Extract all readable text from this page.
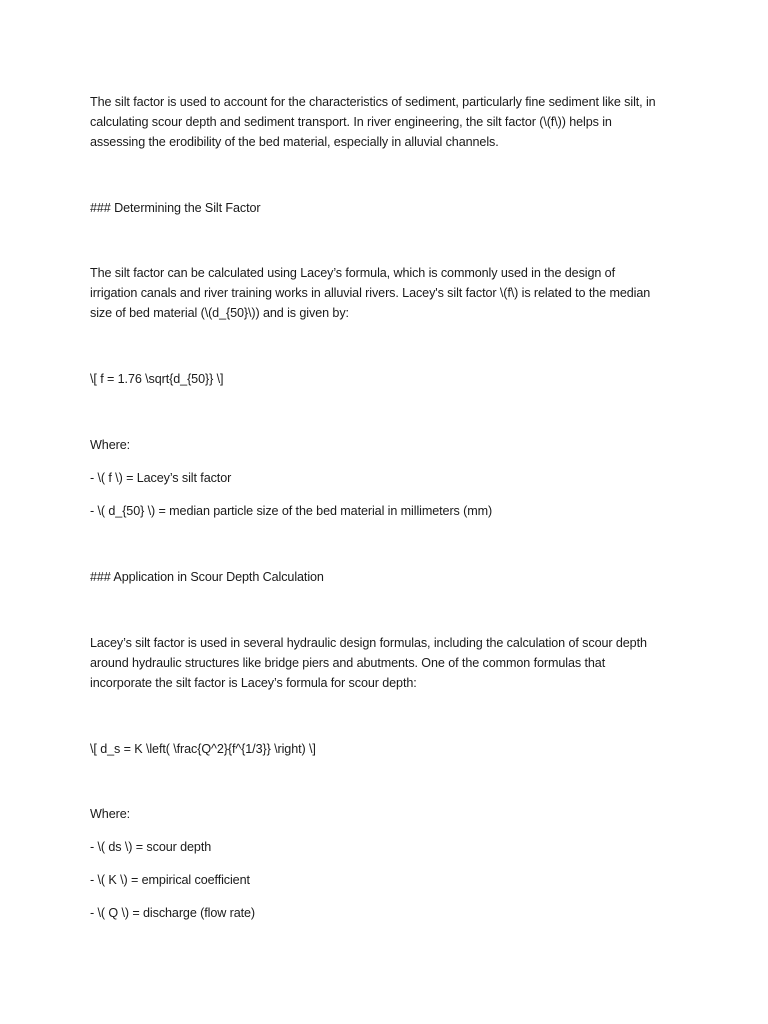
The silt factor is used to account for the characteristics of sediment, particularly fine sediment like silt, in
calculating scour depth and sediment transport. In river engineering, the silt factor (\(f\)) helps in
assessing the erodibility of the bed material, especially in alluvial channels.
### Determining the Silt Factor
The silt factor can be calculated using Lacey’s formula, which is commonly used in the design of
irrigation canals and river training works in alluvial rivers. Lacey's silt factor \(f\) is related to the median
size of bed material (\(d_{50}\)) and is given by:
\[ f = 1.76 \sqrt{d_{50}} \]
Where:
- \( f \) = Lacey’s silt factor
- \( d_{50} \) = median particle size of the bed material in millimeters (mm)
### Application in Scour Depth Calculation
Lacey’s silt factor is used in several hydraulic design formulas, including the calculation of scour depth
around hydraulic structures like bridge piers and abutments. One of the common formulas that
incorporate the silt factor is Lacey’s formula for scour depth:
\[ d_s = K \left( \frac{Q^2}{f^{1/3}} \right) \]
Where:
- \( ds \) = scour depth
- \( K \) = empirical coefficient
- \( Q \) = discharge (flow rate)
